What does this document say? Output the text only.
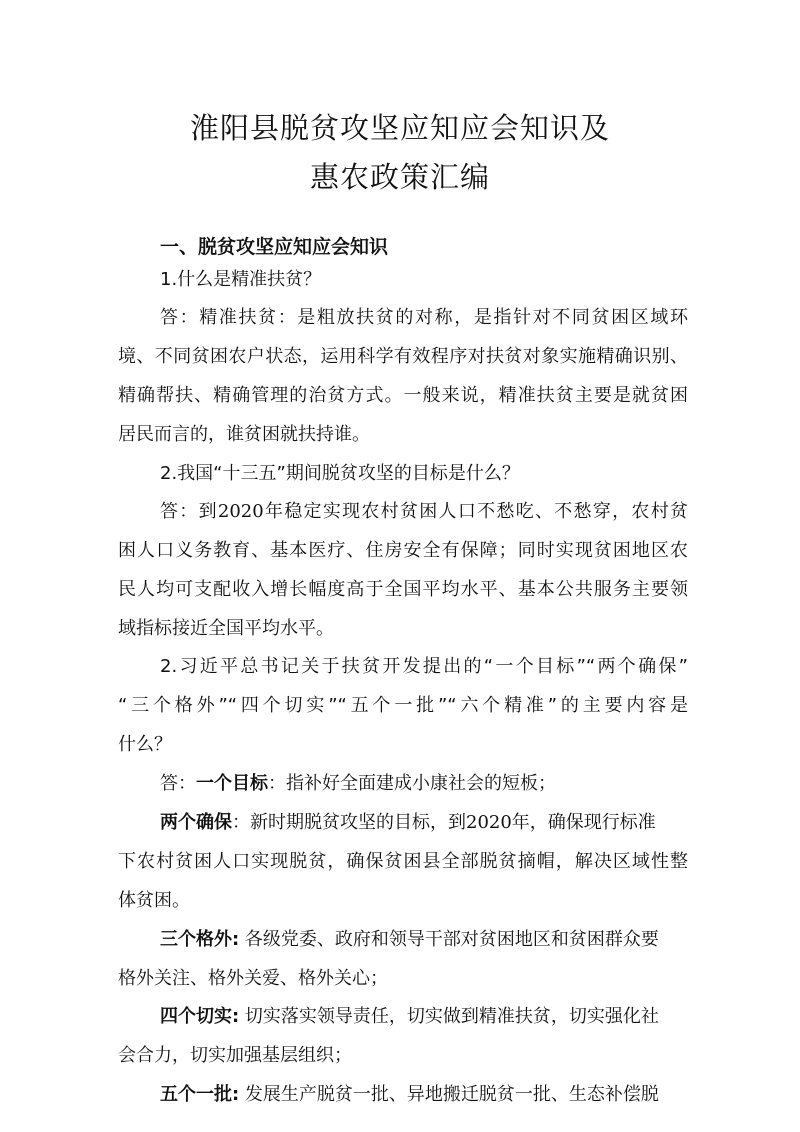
淮阳县脱贫攻坚应知应会知识及
惠农政策汇编
一、脱贫攻坚应知应会知识
1.什么是精准扶贫？
答：精准扶贫：是粗放扶贫的对称，是指针对不同贫困区域环
境、不同贫困农户状态，运用科学有效程序对扶贫对象实施精确识别、
精确帮扶、精确管理的治贫方式。一般来说，精准扶贫主要是就贫困
居民而言的，谁贫困就扶持谁。
2.我国“十三五”期间脱贫攻坚的目标是什么？
答：到2020年稳定实现农村贫困人口不愁吃、不愁穿，农村贫
困人口义务教育、基本医疗、住房安全有保障；同时实现贫困地区农
民人均可支配收入增长幅度高于全国平均水平、基本公共服务主要领
域指标接近全国平均水平。
2.习近平总书记关于扶贫开发提出的“一个目标”“两个确保”
“三个格外”“四个切实”“五个一批”“六个精准”的主要内容是
什么？
答：一个目标：指补好全面建成小康社会的短板；
两个确保：新时期脱贫攻坚的目标，到2020年，确保现行标准
下农村贫困人口实现脱贫，确保贫困县全部脱贫摘帽，解决区域性整
体贫困。
三个格外: 各级党委、政府和领导干部对贫困地区和贫困群众要
格外关注、格外关爱、格外关心；
四个切实: 切实落实领导责任，切实做到精准扶贫，切实强化社
会合力，切实加强基层组织；
五个一批: 发展生产脱贫一批、异地搬迁脱贫一批、生态补偿脱
